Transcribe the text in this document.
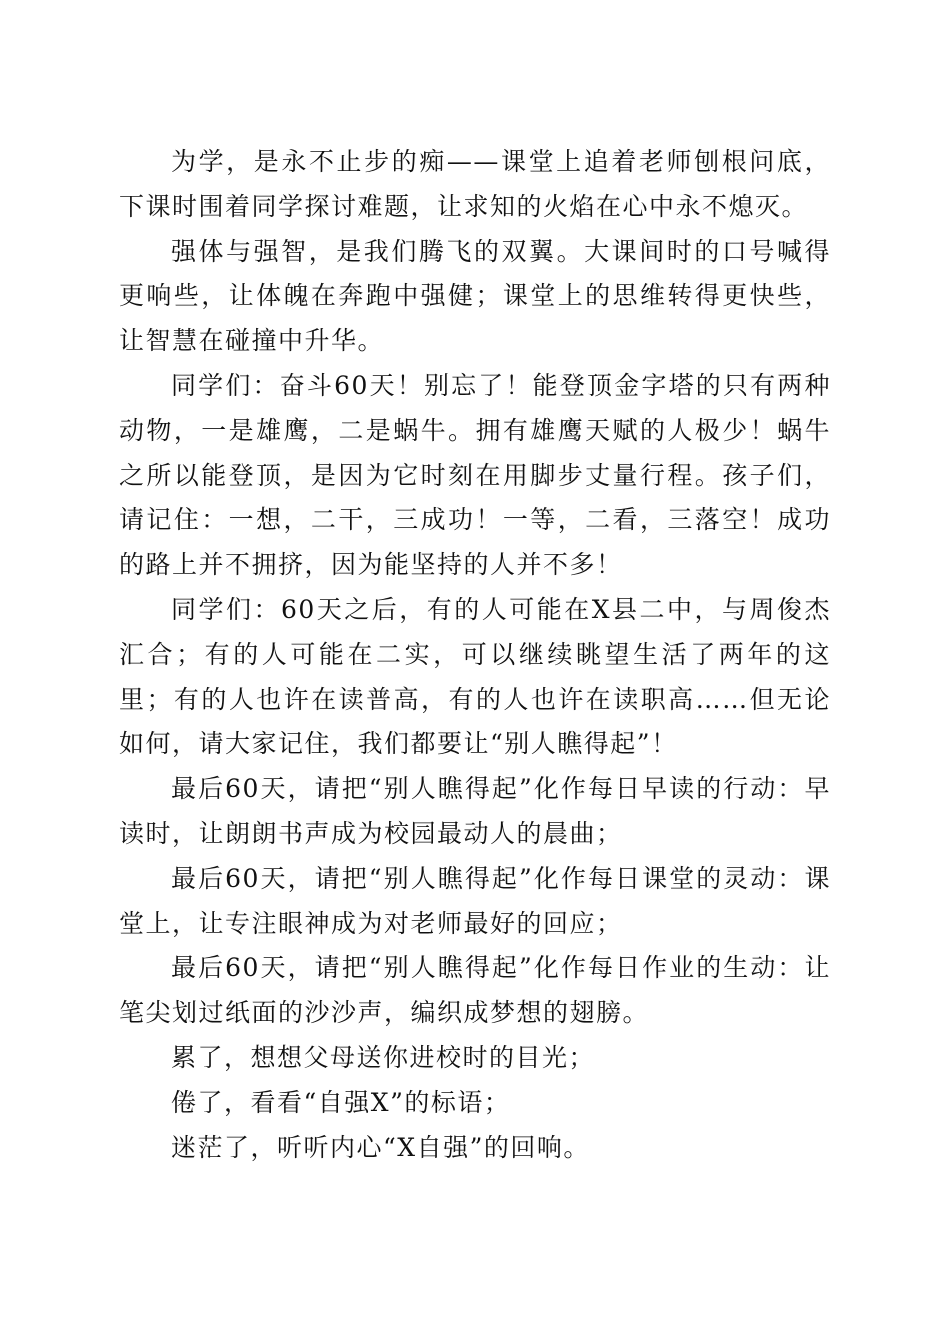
为学，是永不止步的痴——课堂上追着老师刨根问底，下课时围着同学探讨难题，让求知的火焰在心中永不熄灭。

强体与强智，是我们腾飞的双翼。大课间时的口号喊得更响些，让体魄在奔跑中强健；课堂上的思维转得更快些，让智慧在碰撞中升华。

同学们：奋斗60天！别忘了！能登顶金字塔的只有两种动物，一是雄鹰，二是蜗牛。拥有雄鹰天赋的人极少！蜗牛之所以能登顶，是因为它时刻在用脚步丈量行程。孩子们，请记住：一想，二干，三成功！一等，二看，三落空！成功的路上并不拥挤，因为能坚持的人并不多！

同学们：60天之后，有的人可能在X县二中，与周俊杰汇合；有的人可能在二实，可以继续眺望生活了两年的这里；有的人也许在读普高，有的人也许在读职高……但无论如何，请大家记住，我们都要让“别人瞧得起”！

最后60天，请把“别人瞧得起”化作每日早读的行动：早读时，让朗朗书声成为校园最动人的晨曲；

最后60天，请把“别人瞧得起”化作每日课堂的灵动：课堂上，让专注眼神成为对老师最好的回应；

最后60天，请把“别人瞧得起”化作每日作业的生动：让笔尖划过纸面的沙沙声，编织成梦想的翅膀。

累了，想想父母送你进校时的目光；

倦了，看看“自强X”的标语；

迷茫了，听听内心“X自强”的回响。
